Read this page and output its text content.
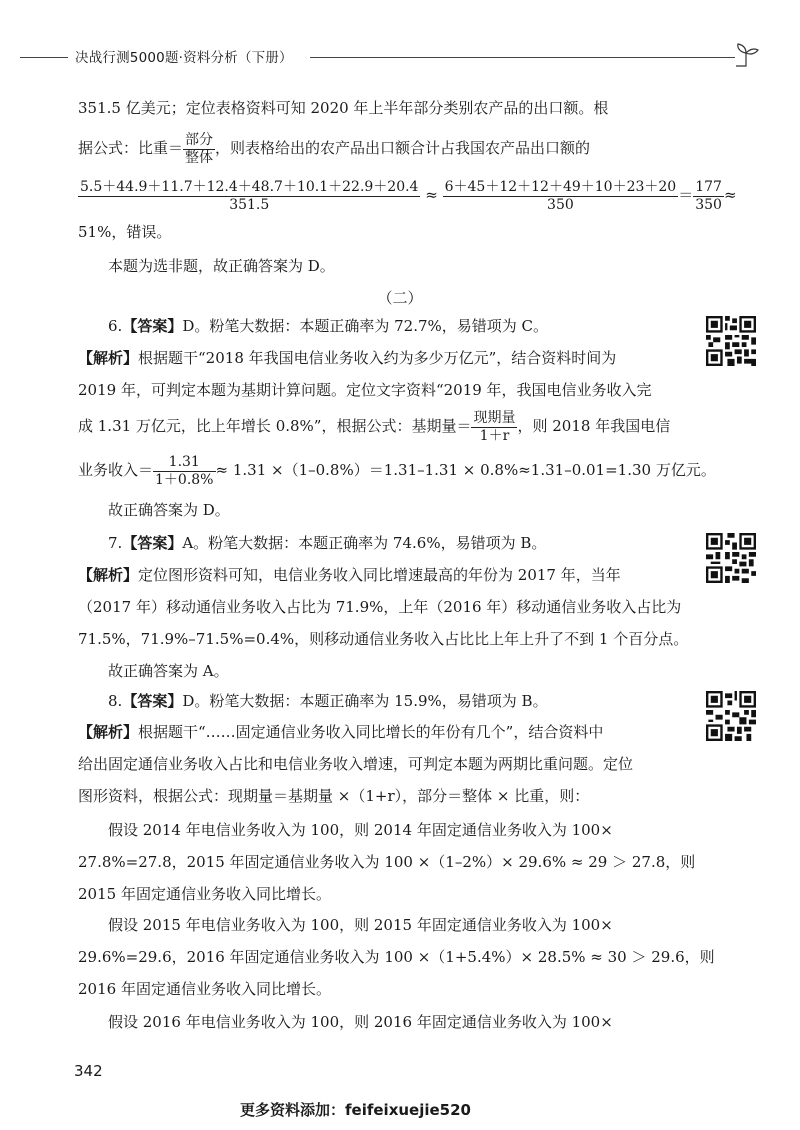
决战行测5000题·资料分析（下册）
351.5 亿美元；定位表格资料可知 2020 年上半年部分类别农产品的出口额。根
据公式：比重＝ $\frac{\text{部分}}{\text{整体}}$ ，则表格给出的农产品出口额合计占我国农产品出口额的
$\frac{5.5+44.9+11.7+12.4+48.7+10.1+22.9+20.4}{351.5} \approx \frac{6+45+12+12+49+10+23+20}{350} = \frac{177}{350}$ ≈
51%，错误。
本题为选非题，故正确答案为 D。
（二）
6.【答案】D。粉笔大数据：本题正确率为 72.7%，易错项为 C。
【解析】根据题干“2018 年我国电信业务收入约为多少万亿元”，结合资料时间为
2019 年，可判定本题为基期计算问题。定位文字资料“2019 年，我国电信业务收入完
成 1.31 万亿元，比上年增长 0.8%”，根据公式：基期量＝ $\frac{\text{现期量}}{1+r}$ ，则 2018 年我国电信
业务收入＝ $\frac{1.31}{1+0.8\%} \approx 1.31 \times(1-0.8\%)=1.31-1.31 \times 0.8\%\approx 1.31-0.01=1.30$ 万亿元。
故正确答案为 D。
7.【答案】A。粉笔大数据：本题正确率为 74.6%，易错项为 B。
【解析】定位图形资料可知，电信业务收入同比增速最高的年份为 2017 年，当年
（2017 年）移动通信业务收入占比为 71.9%，上年（2016 年）移动通信业务收入占比为
71.5%，71.9%–71.5%=0.4%，则移动通信业务收入占比比上年上升了不到 1 个百分点。
故正确答案为 A。
8.【答案】D。粉笔大数据：本题正确率为 15.9%，易错项为 B。
【解析】根据题干“……固定通信业务收入同比增长的年份有几个”，结合资料中
给出固定通信业务收入占比和电信业务收入增速，可判定本题为两期比重问题。定位
图形资料，根据公式：现期量＝基期量 ×（1+r），部分＝整体 × 比重，则：
假设 2014 年电信业务收入为 100，则 2014 年固定通信业务收入为 100×
27.8%=27.8，2015 年固定通信业务收入为 100 ×（1–2%）× 29.6% ≈ 29 ＞ 27.8，则
2015 年固定通信业务收入同比增长。
假设 2015 年电信业务收入为 100，则 2015 年固定通信业务收入为 100×
29.6%=29.6，2016 年固定通信业务收入为 100 ×（1+5.4%）× 28.5% ≈ 30 ＞ 29.6，则
2016 年固定通信业务收入同比增长。
假设 2016 年电信业务收入为 100，则 2016 年固定通信业务收入为 100×
342
更多资料添加：feifeixuejie520
